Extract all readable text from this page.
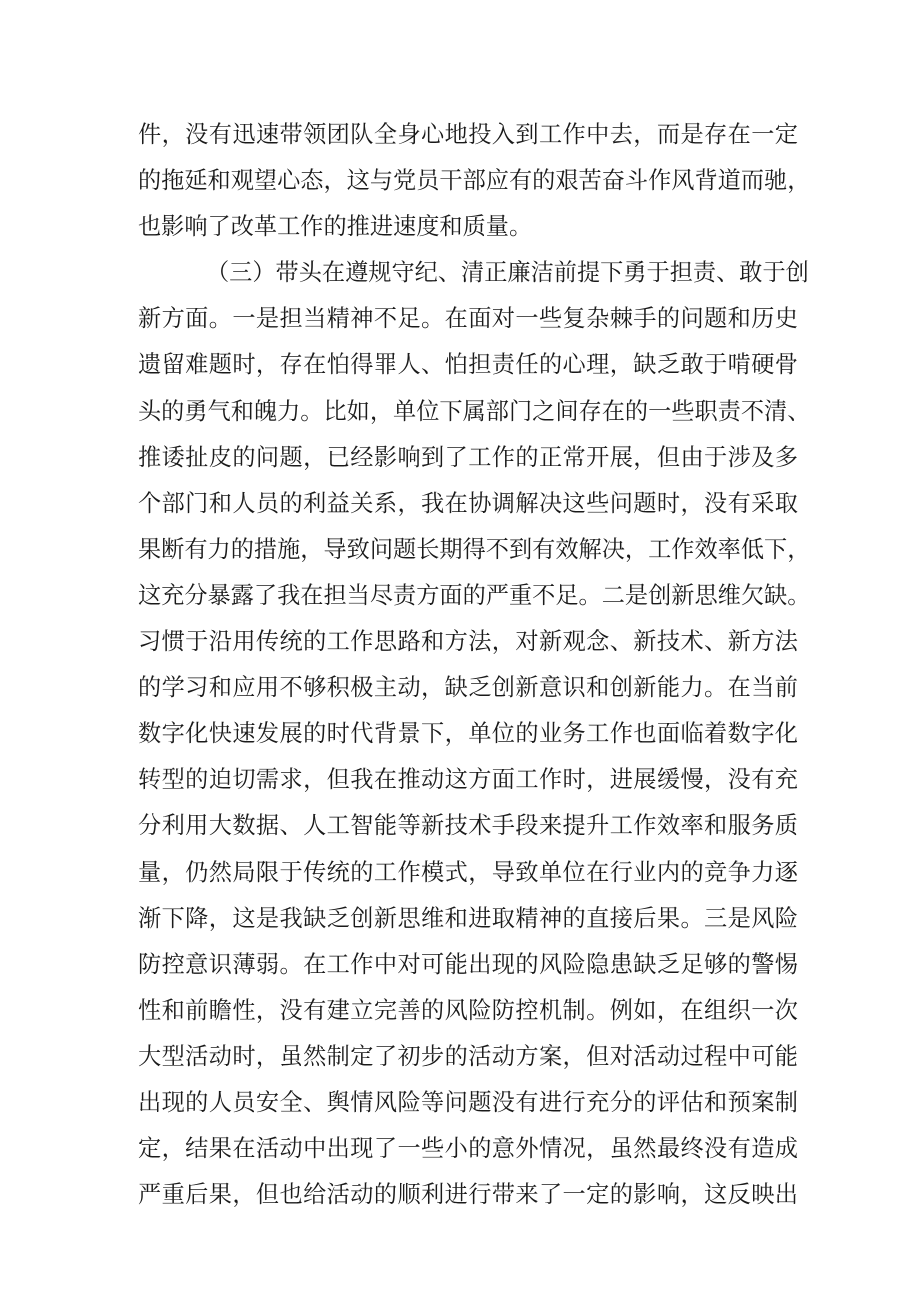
件，没有迅速带领团队全身心地投入到工作中去，而是存在一定
的拖延和观望心态，这与党员干部应有的艰苦奋斗作风背道而驰，
也影响了改革工作的推进速度和质量。
（三）带头在遵规守纪、清正廉洁前提下勇于担责、敢于创
新方面。一是担当精神不足。在面对一些复杂棘手的问题和历史
遗留难题时，存在怕得罪人、怕担责任的心理，缺乏敢于啃硬骨
头的勇气和魄力。比如，单位下属部门之间存在的一些职责不清、
推诿扯皮的问题，已经影响到了工作的正常开展，但由于涉及多
个部门和人员的利益关系，我在协调解决这些问题时，没有采取
果断有力的措施，导致问题长期得不到有效解决，工作效率低下，
这充分暴露了我在担当尽责方面的严重不足。二是创新思维欠缺。
习惯于沿用传统的工作思路和方法，对新观念、新技术、新方法
的学习和应用不够积极主动，缺乏创新意识和创新能力。在当前
数字化快速发展的时代背景下，单位的业务工作也面临着数字化
转型的迫切需求，但我在推动这方面工作时，进展缓慢，没有充
分利用大数据、人工智能等新技术手段来提升工作效率和服务质
量，仍然局限于传统的工作模式，导致单位在行业内的竞争力逐
渐下降，这是我缺乏创新思维和进取精神的直接后果。三是风险
防控意识薄弱。在工作中对可能出现的风险隐患缺乏足够的警惕
性和前瞻性，没有建立完善的风险防控机制。例如，在组织一次
大型活动时，虽然制定了初步的活动方案，但对活动过程中可能
出现的人员安全、舆情风险等问题没有进行充分的评估和预案制
定，结果在活动中出现了一些小的意外情况，虽然最终没有造成
严重后果，但也给活动的顺利进行带来了一定的影响，这反映出
